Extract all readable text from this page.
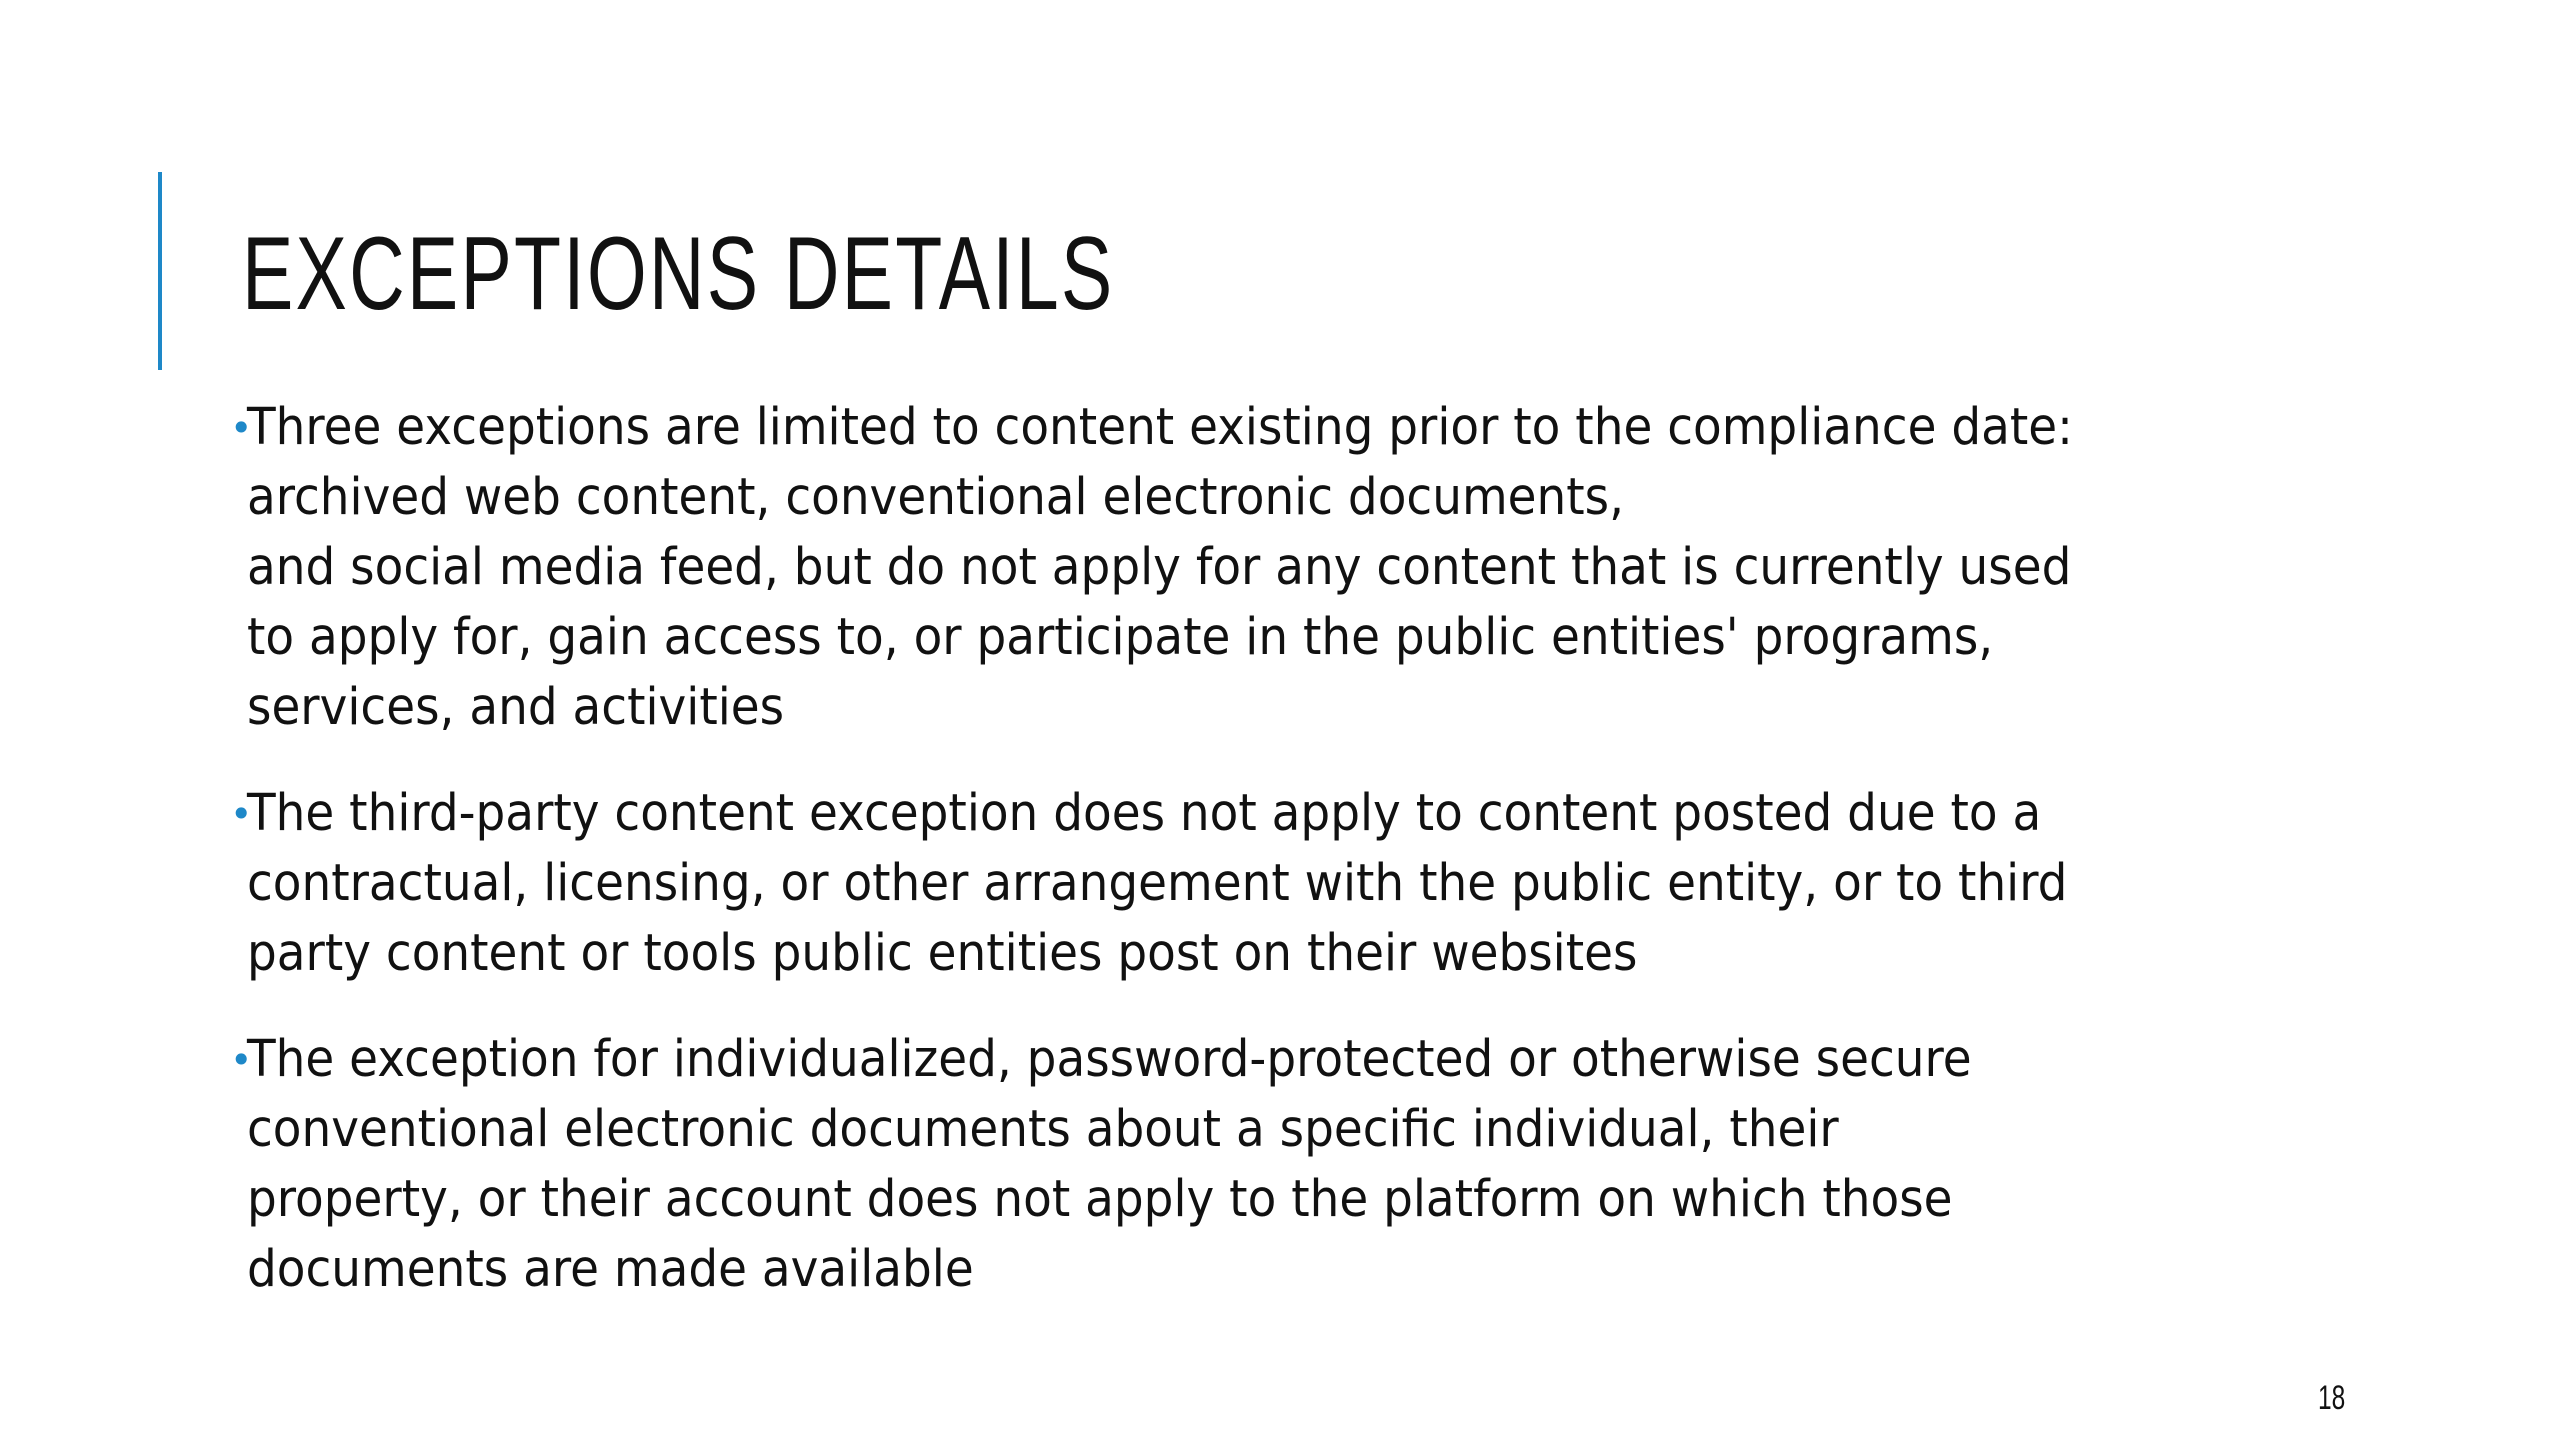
EXCEPTIONS DETAILS
•
Three exceptions are limited to content existing prior to the compliance date:
archived web content, conventional electronic documents,
and social media feed, but do not apply for any content that is currently used
to apply for, gain access to, or participate in the public entities' programs,
services, and activities
•
The third-party content exception does not apply to content posted due to a
contractual, licensing, or other arrangement with the public entity, or to third
party content or tools public entities post on their websites
•
The exception for individualized, password-protected or otherwise secure
conventional electronic documents about a specific individual, their
property, or their account does not apply to the platform on which those
documents are made available
18
